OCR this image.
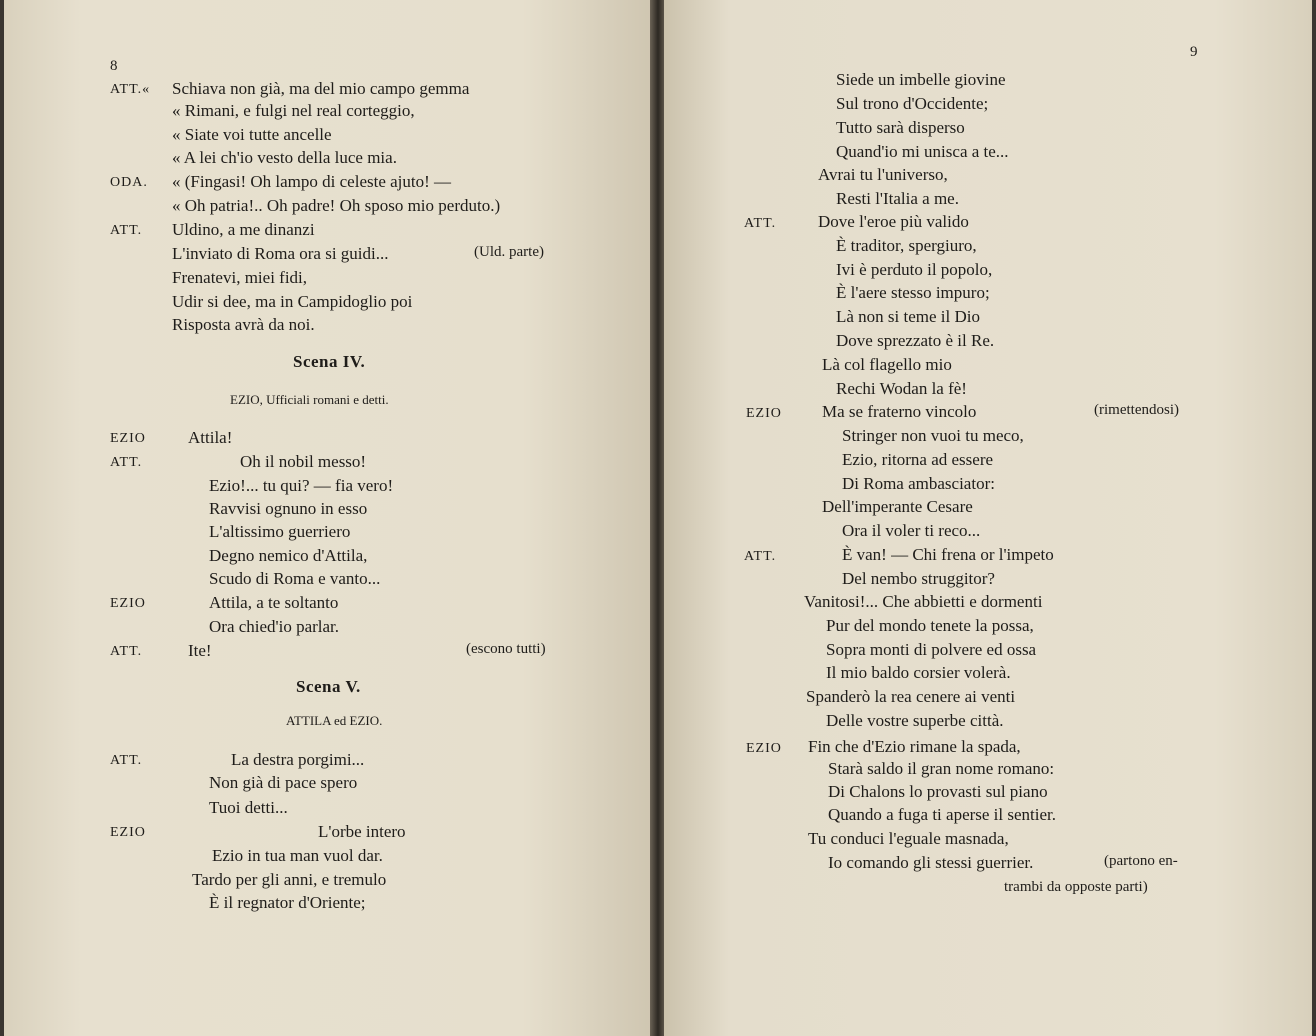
8
ATT.« Schiava non già, ma del mio campo gemma
« Rimani, e fulgi nel real corteggio,
« Siate voi tutte ancelle
« A lei ch'io vesto della luce mia.
ODA. « (Fingasi! Oh lampo di celeste ajuto! —
« Oh patria!.. Oh padre! Oh sposo mio perduto.)
ATT. Uldino, a me dinanzi
L'inviato di Roma ora si guidi...	(Uld. parte)
Frenatevi, miei fidi,
Udir si dee, ma in Campidoglio poi
Risposta avrà da noi.
Scena IV.
EZIO, Ufficiali romani e detti.
EZIO Attila!
ATT.	Oh il nobil messo!
Ezio!... tu qui? — fia vero!
Ravvisi ognuno in esso
L'altissimo guerriero
Degno nemico d'Attila,
Scudo di Roma e vanto...
EZIO	Attila, a te soltanto
Ora chied'io parlar.
ATT.	Ite!	(escono tutti)
Scena V.
ATTILA ed EZIO.
ATT.	La destra porgimi...
Non già di pace spero
Tuoi detti...
EZIO	L'orbe intero
Ezio in tua man vuol dar.
Tardo per gli anni, e tremulo
È il regnator d'Oriente;
9
Siede un imbelle giovine
Sul trono d'Occidente;
Tutto sarà disperso
Quand'io mi unisca a te...
Avrai tu l'universo,
Resti l'Italia a me.
ATT. Dove l'eroe più valido
È traditor, spergiuro,
Ivi è perduto il popolo,
È l'aere stesso impuro;
Là non si teme il Dio
Dove sprezzato è il Re.
Là col flagello mio
Rechi Wodan la fè!
EZIO Ma se fraterno vincolo	(rimettendosi)
Stringer non vuoi tu meco,
Ezio, ritorna ad essere
Di Roma ambasciator:
Dell'imperante Cesare
Ora il voler ti reco...
ATT.	È van! — Chi frena or l'impeto
Del nembo struggitor?
Vanitosi!... Che abbietti e dormenti
Pur del mondo tenete la possa,
Sopra monti di polvere ed ossa
Il mio baldo corsier volerà.
Spanderò la rea cenere ai venti
Delle vostre superbe città.
EZIO Fin che d'Ezio rimane la spada,
Starà saldo il gran nome romano:
Di Chalons lo provasti sul piano
Quando a fuga ti aperse il sentier.
Tu conduci l'eguale masnada,
Io comando gli stessi guerrier.	(partono en-
trambi da opposte parti)
